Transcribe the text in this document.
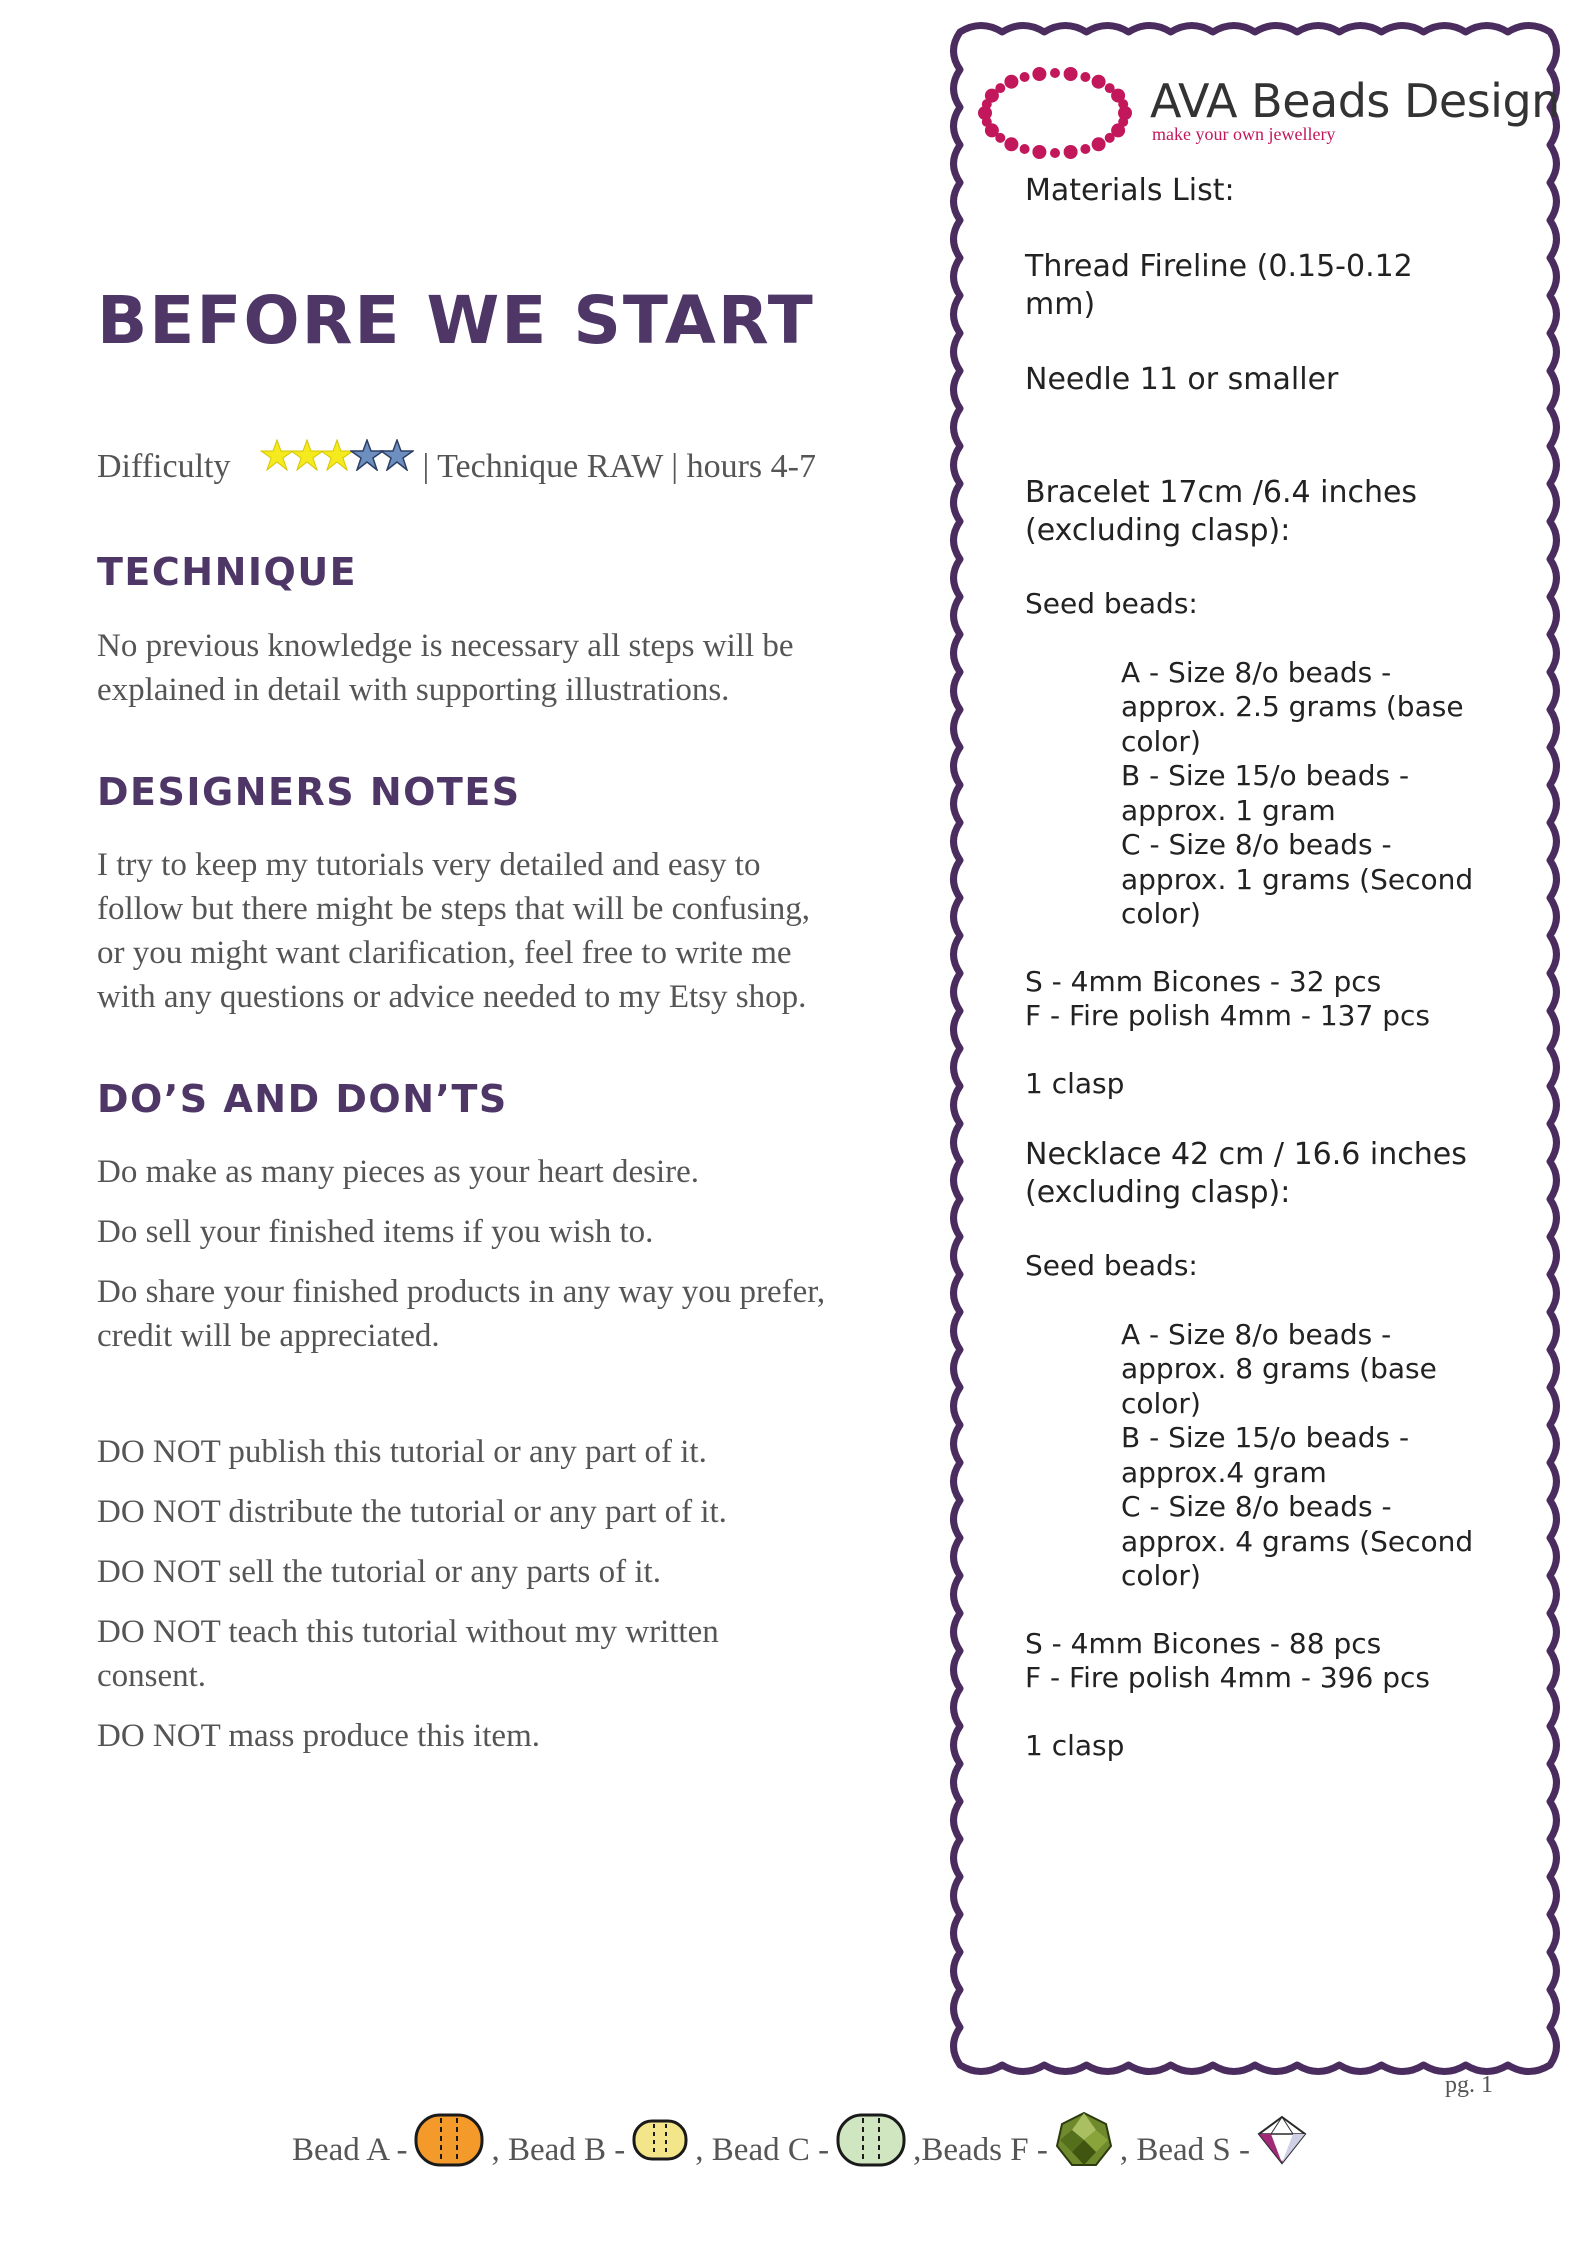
BEFORE WE START
Difficulty	| Technique RAW | hours 4-7
TECHNIQUE

No previous knowledge is necessary all steps will be

explained in detail with supporting illustrations.

DESIGNERS NOTES

I try to keep my tutorials very detailed and easy to

follow but there might be steps that will be confusing,

or you might want clarification, feel free to write me

with any questions or advice needed to my Etsy shop.

DO’S AND DON’TS

Do make as many pieces as your heart desire.

Do sell your finished items if you wish to.

Do share your finished products in any way you prefer,

credit will be appreciated.

DO NOT publish this tutorial or any part of it.

DO NOT distribute the tutorial or any part of it.

DO NOT sell the tutorial or any parts of it.

DO NOT teach this tutorial without my written

consent.

DO NOT mass produce this item.

AVA Beads Design
make your own jewellery

Materials List:

Thread Fireline (0.15-0.12

mm)

Needle 11 or smaller

Bracelet 17cm /6.4 inches

(excluding clasp):

Seed beads:

A - Size 8/o beads -

approx. 2.5 grams (base

color)

B - Size 15/o beads -

approx. 1 gram

C - Size 8/o beads -

approx. 1 grams (Second

color)

S - 4mm Bicones - 32 pcs

F - Fire polish 4mm - 137 pcs

1 clasp

Necklace 42 cm / 16.6 inches

(excluding clasp):

Seed beads:

A - Size 8/o beads -

approx. 8 grams (base

color)

B - Size 15/o beads -

approx.4 gram

C - Size 8/o beads -

approx. 4 grams (Second

color)

S - 4mm Bicones - 88 pcs

F - Fire polish 4mm - 396 pcs

1 clasp

pg. 1
Bead A -	, Bead B - , Bead C -	,Beads F - , Bead S -
